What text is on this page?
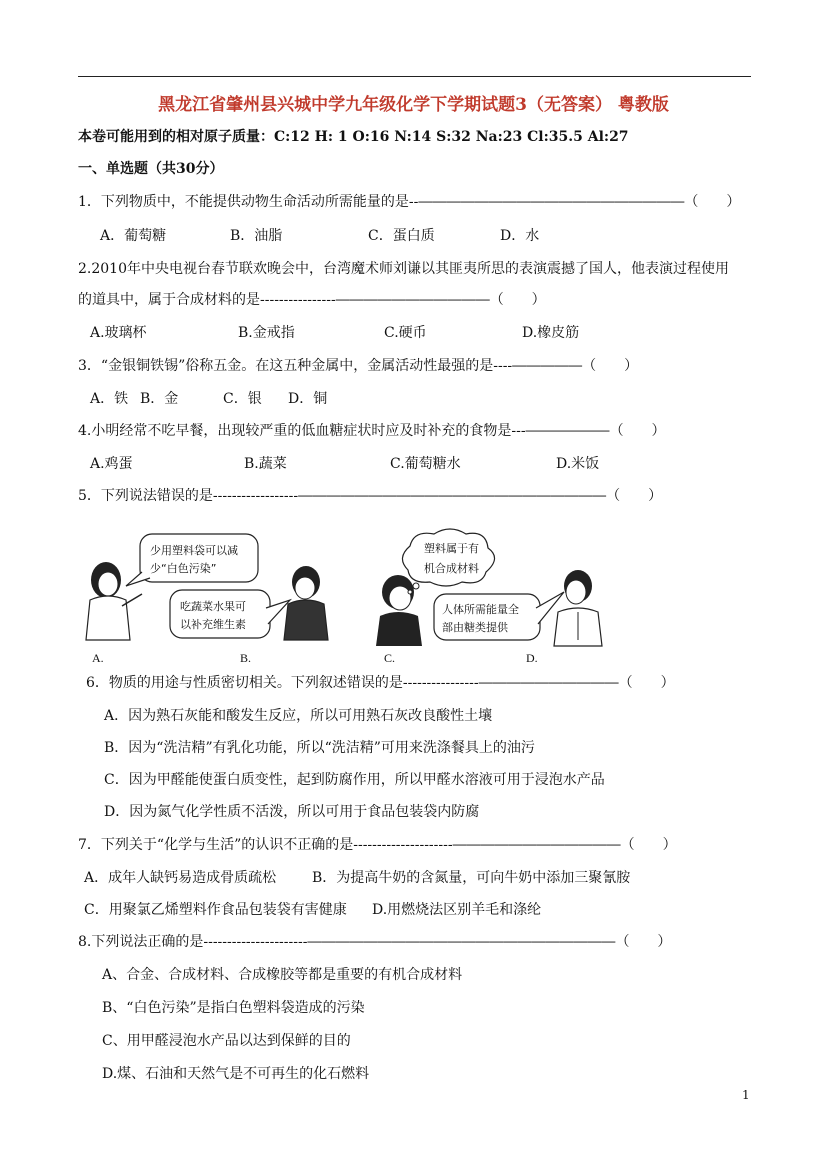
黑龙江省肇州县兴城中学九年级化学下学期试题3（无答案） 粤教版
本卷可能用到的相对原子质量：C:12 H: 1 O:16 N:14 S:32 Na:23 Cl:35.5 Al:27
一、单选题（共30分）
1．下列物质中，不能提供动物生命活动所需能量的是--―――――――――――――――――――（　　）
A．葡萄糖	B．油脂	C．蛋白质	D．水
2.2010年中央电视台春节联欢晚会中，台湾魔术师刘谦以其匪夷所思的表演震撼了国人，他表演过程使用
的道具中，属于合成材料的是----------------―――――――――――（　　）
A.玻璃杯	B.金戒指	C.硬币	D.橡皮筋
3．“金银铜铁锡”俗称五金。在这五种金属中，金属活动性最强的是----―――――（　　）
A．铁 B．金	C．银 D．铜
4.小明经常不吃早餐，出现较严重的低血糖症状时应及时补充的食物是---――――――（　　）
A.鸡蛋	B.蔬菜	C.葡萄糖水	D.米饭
5．下列说法错误的是------------------――――――――――――――――――――――（　　）
少用塑料袋可以减
少“白色污染”
吃蔬菜水果可
以补充维生素
塑料属于有
机合成材料
人体所需能量全
部由糖类提供
A.	B.	C.	D.
6．物质的用途与性质密切相关。下列叙述错误的是----------------――――――――――（　　）
A．因为熟石灰能和酸发生反应，所以可用熟石灰改良酸性土壤
B．因为“洗洁精”有乳化功能，所以“洗洁精”可用来洗涤餐具上的油污
C．因为甲醛能使蛋白质变性，起到防腐作用，所以甲醛水溶液可用于浸泡水产品
D．因为氮气化学性质不活泼，所以可用于食品包装袋内防腐
7．下列关于“化学与生活”的认识不正确的是---------------------――――――――――――（　　）
A．成年人缺钙易造成骨质疏松	B．为提高牛奶的含氮量，可向牛奶中添加三聚氰胺
C．用聚氯乙烯塑料作食品包装袋有害健康 D.用燃烧法区别羊毛和涤纶
8.下列说法正确的是----------------------――――――――――――――――――――――（　　）
A、合金、合成材料、合成橡胶等都是重要的有机合成材料
B、“白色污染”是指白色塑料袋造成的污染
C、用甲醛浸泡水产品以达到保鲜的目的
D.煤、石油和天然气是不可再生的化石燃料
1
